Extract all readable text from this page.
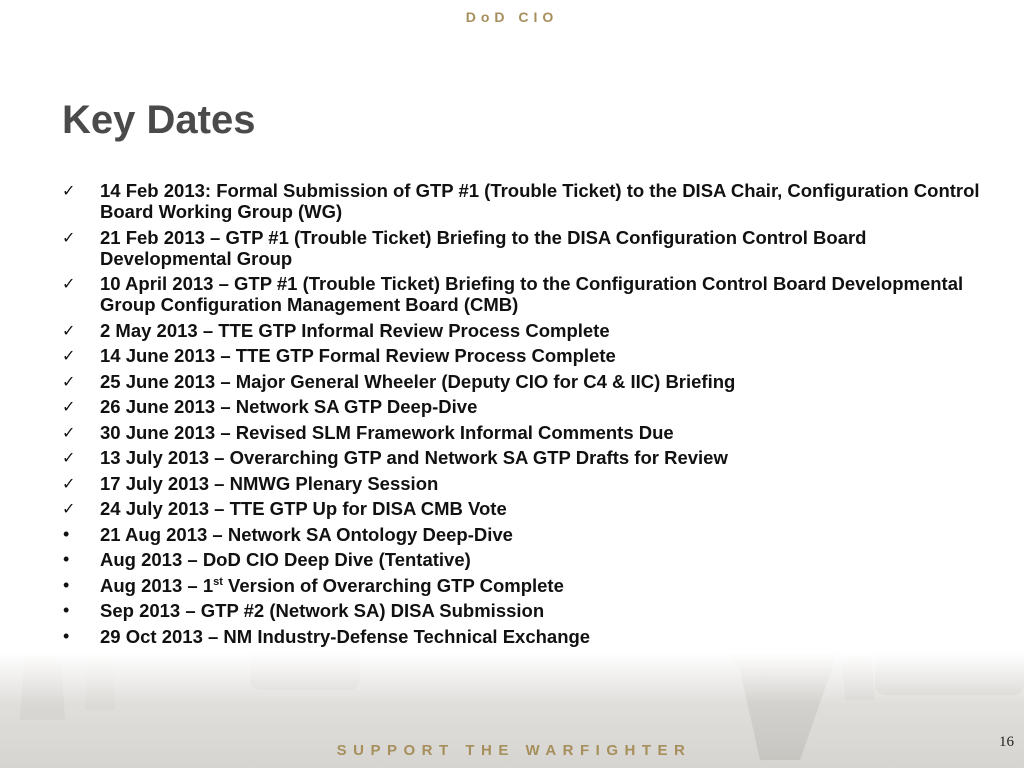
DoD CIO
Key Dates
✓	14 Feb 2013: Formal Submission of GTP #1 (Trouble Ticket) to the DISA Chair, Configuration Control Board Working Group (WG)
✓	21 Feb 2013 – GTP #1 (Trouble Ticket) Briefing to the DISA Configuration Control Board Developmental Group
✓	10 April 2013 – GTP #1 (Trouble Ticket) Briefing to the Configuration Control Board Developmental Group Configuration Management Board (CMB)
✓	2 May 2013 – TTE GTP Informal Review Process Complete
✓	14 June 2013 – TTE GTP Formal Review Process Complete
✓	25 June 2013 – Major General Wheeler (Deputy CIO for C4 & IIC) Briefing
✓	26 June 2013 – Network SA GTP Deep-Dive
✓	30 June 2013 – Revised SLM Framework Informal Comments Due
✓	13 July 2013 – Overarching GTP and Network SA GTP Drafts for Review
✓	17 July 2013 – NMWG Plenary Session
✓	24 July 2013 – TTE GTP Up for DISA CMB Vote
•	21 Aug 2013 – Network SA Ontology Deep-Dive
•	Aug 2013 – DoD CIO Deep Dive (Tentative)
•	Aug 2013 – 1st Version of Overarching GTP Complete
•	Sep 2013 – GTP #2 (Network SA) DISA Submission
•	29 Oct 2013 – NM Industry-Defense Technical Exchange
SUPPORT THE WARFIGHTER	16
